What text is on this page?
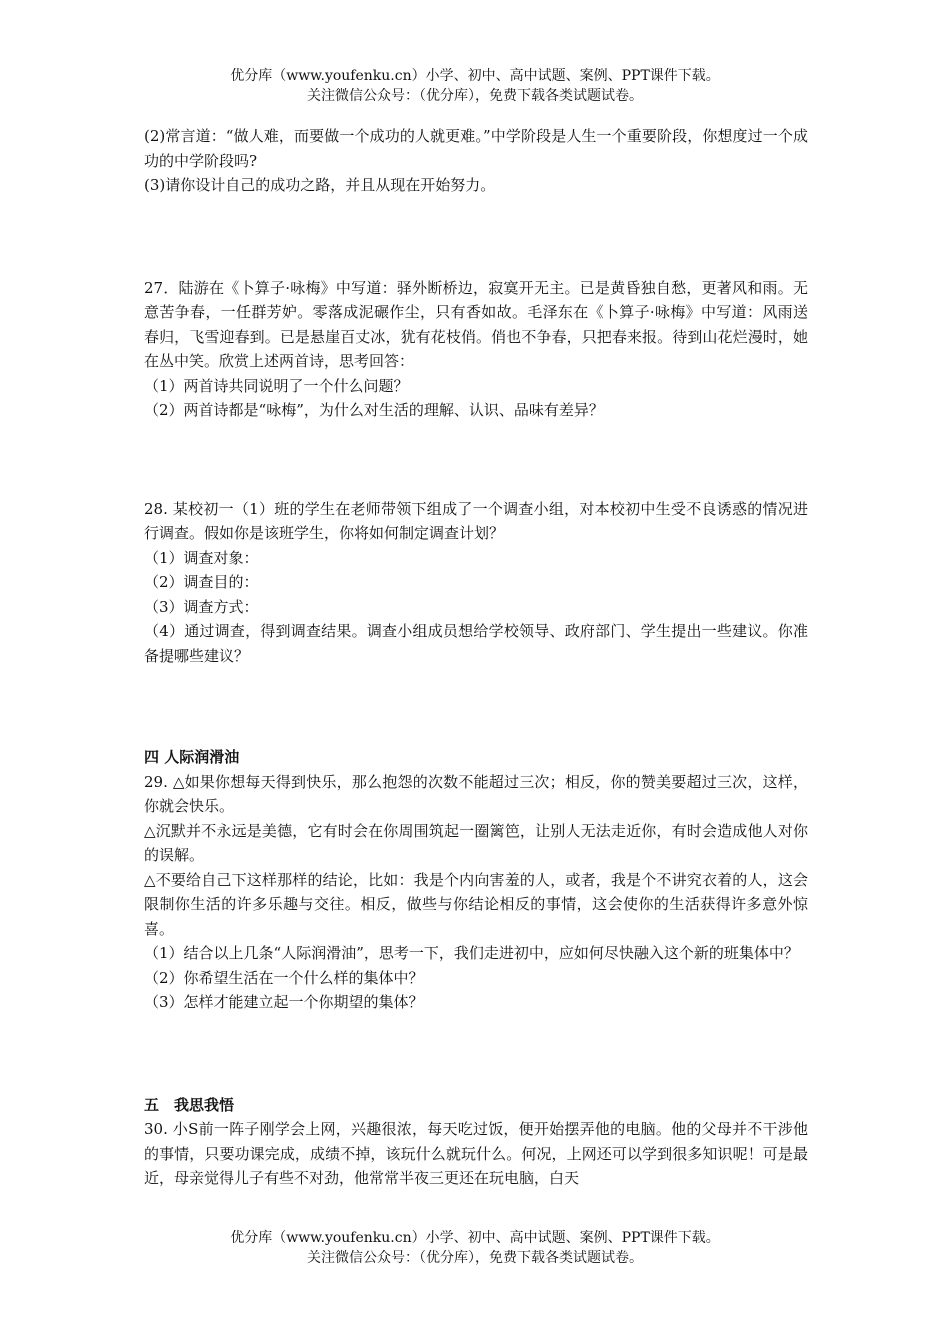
优分库（www.youfenku.cn）小学、初中、高中试题、案例、PPT课件下载。
关注微信公众号：（优分库），免费下载各类试题试卷。

(2)常言道：“做人难，而要做一个成功的人就更难。”中学阶段是人生一个重要阶段，你想度过一个成功的中学阶段吗?

(3)请你设计自己的成功之路，并且从现在开始努力。

27．陆游在《卜算子·咏梅》中写道：驿外断桥边，寂寞开无主。已是黄昏独自愁，更著风和雨。无意苦争春，一任群芳妒。零落成泥碾作尘，只有香如故。毛泽东在《卜算子·咏梅》中写道：风雨送春归，飞雪迎春到。已是悬崖百丈冰，犹有花枝俏。俏也不争春，只把春来报。待到山花烂漫时，她在丛中笑。欣赏上述两首诗，思考回答：

（1）两首诗共同说明了一个什么问题？

（2）两首诗都是“咏梅”，为什么对生活的理解、认识、品味有差异？

28. 某校初一（1）班的学生在老师带领下组成了一个调查小组，对本校初中生受不良诱惑的情况进行调查。假如你是该班学生，你将如何制定调查计划？

（1）调查对象：

（2）调查目的：

（3）调查方式：

（4）通过调查，得到调查结果。调查小组成员想给学校领导、政府部门、学生提出一些建议。你准备提哪些建议？

四 人际润滑油

29. △如果你想每天得到快乐，那么抱怨的次数不能超过三次；相反，你的赞美要超过三次，这样，你就会快乐。

△沉默并不永远是美德，它有时会在你周围筑起一圈篱笆，让别人无法走近你，有时会造成他人对你的误解。

△不要给自己下这样那样的结论，比如：我是个内向害羞的人，或者，我是个不讲究衣着的人，这会限制你生活的许多乐趣与交往。相反，做些与你结论相反的事情，这会使你的生活获得许多意外惊喜。

（1）结合以上几条“人际润滑油”，思考一下，我们走进初中，应如何尽快融入这个新的班集体中？

（2）你希望生活在一个什么样的集体中？

（3）怎样才能建立起一个你期望的集体？

五　我思我悟

30. 小S前一阵子刚学会上网，兴趣很浓，每天吃过饭，便开始摆弄他的电脑。他的父母并不干涉他的事情，只要功课完成，成绩不掉，该玩什么就玩什么。何况，上网还可以学到很多知识呢！可是最近，母亲觉得儿子有些不对劲，他常常半夜三更还在玩电脑，白天

优分库（www.youfenku.cn）小学、初中、高中试题、案例、PPT课件下载。
关注微信公众号：（优分库），免费下载各类试题试卷。
